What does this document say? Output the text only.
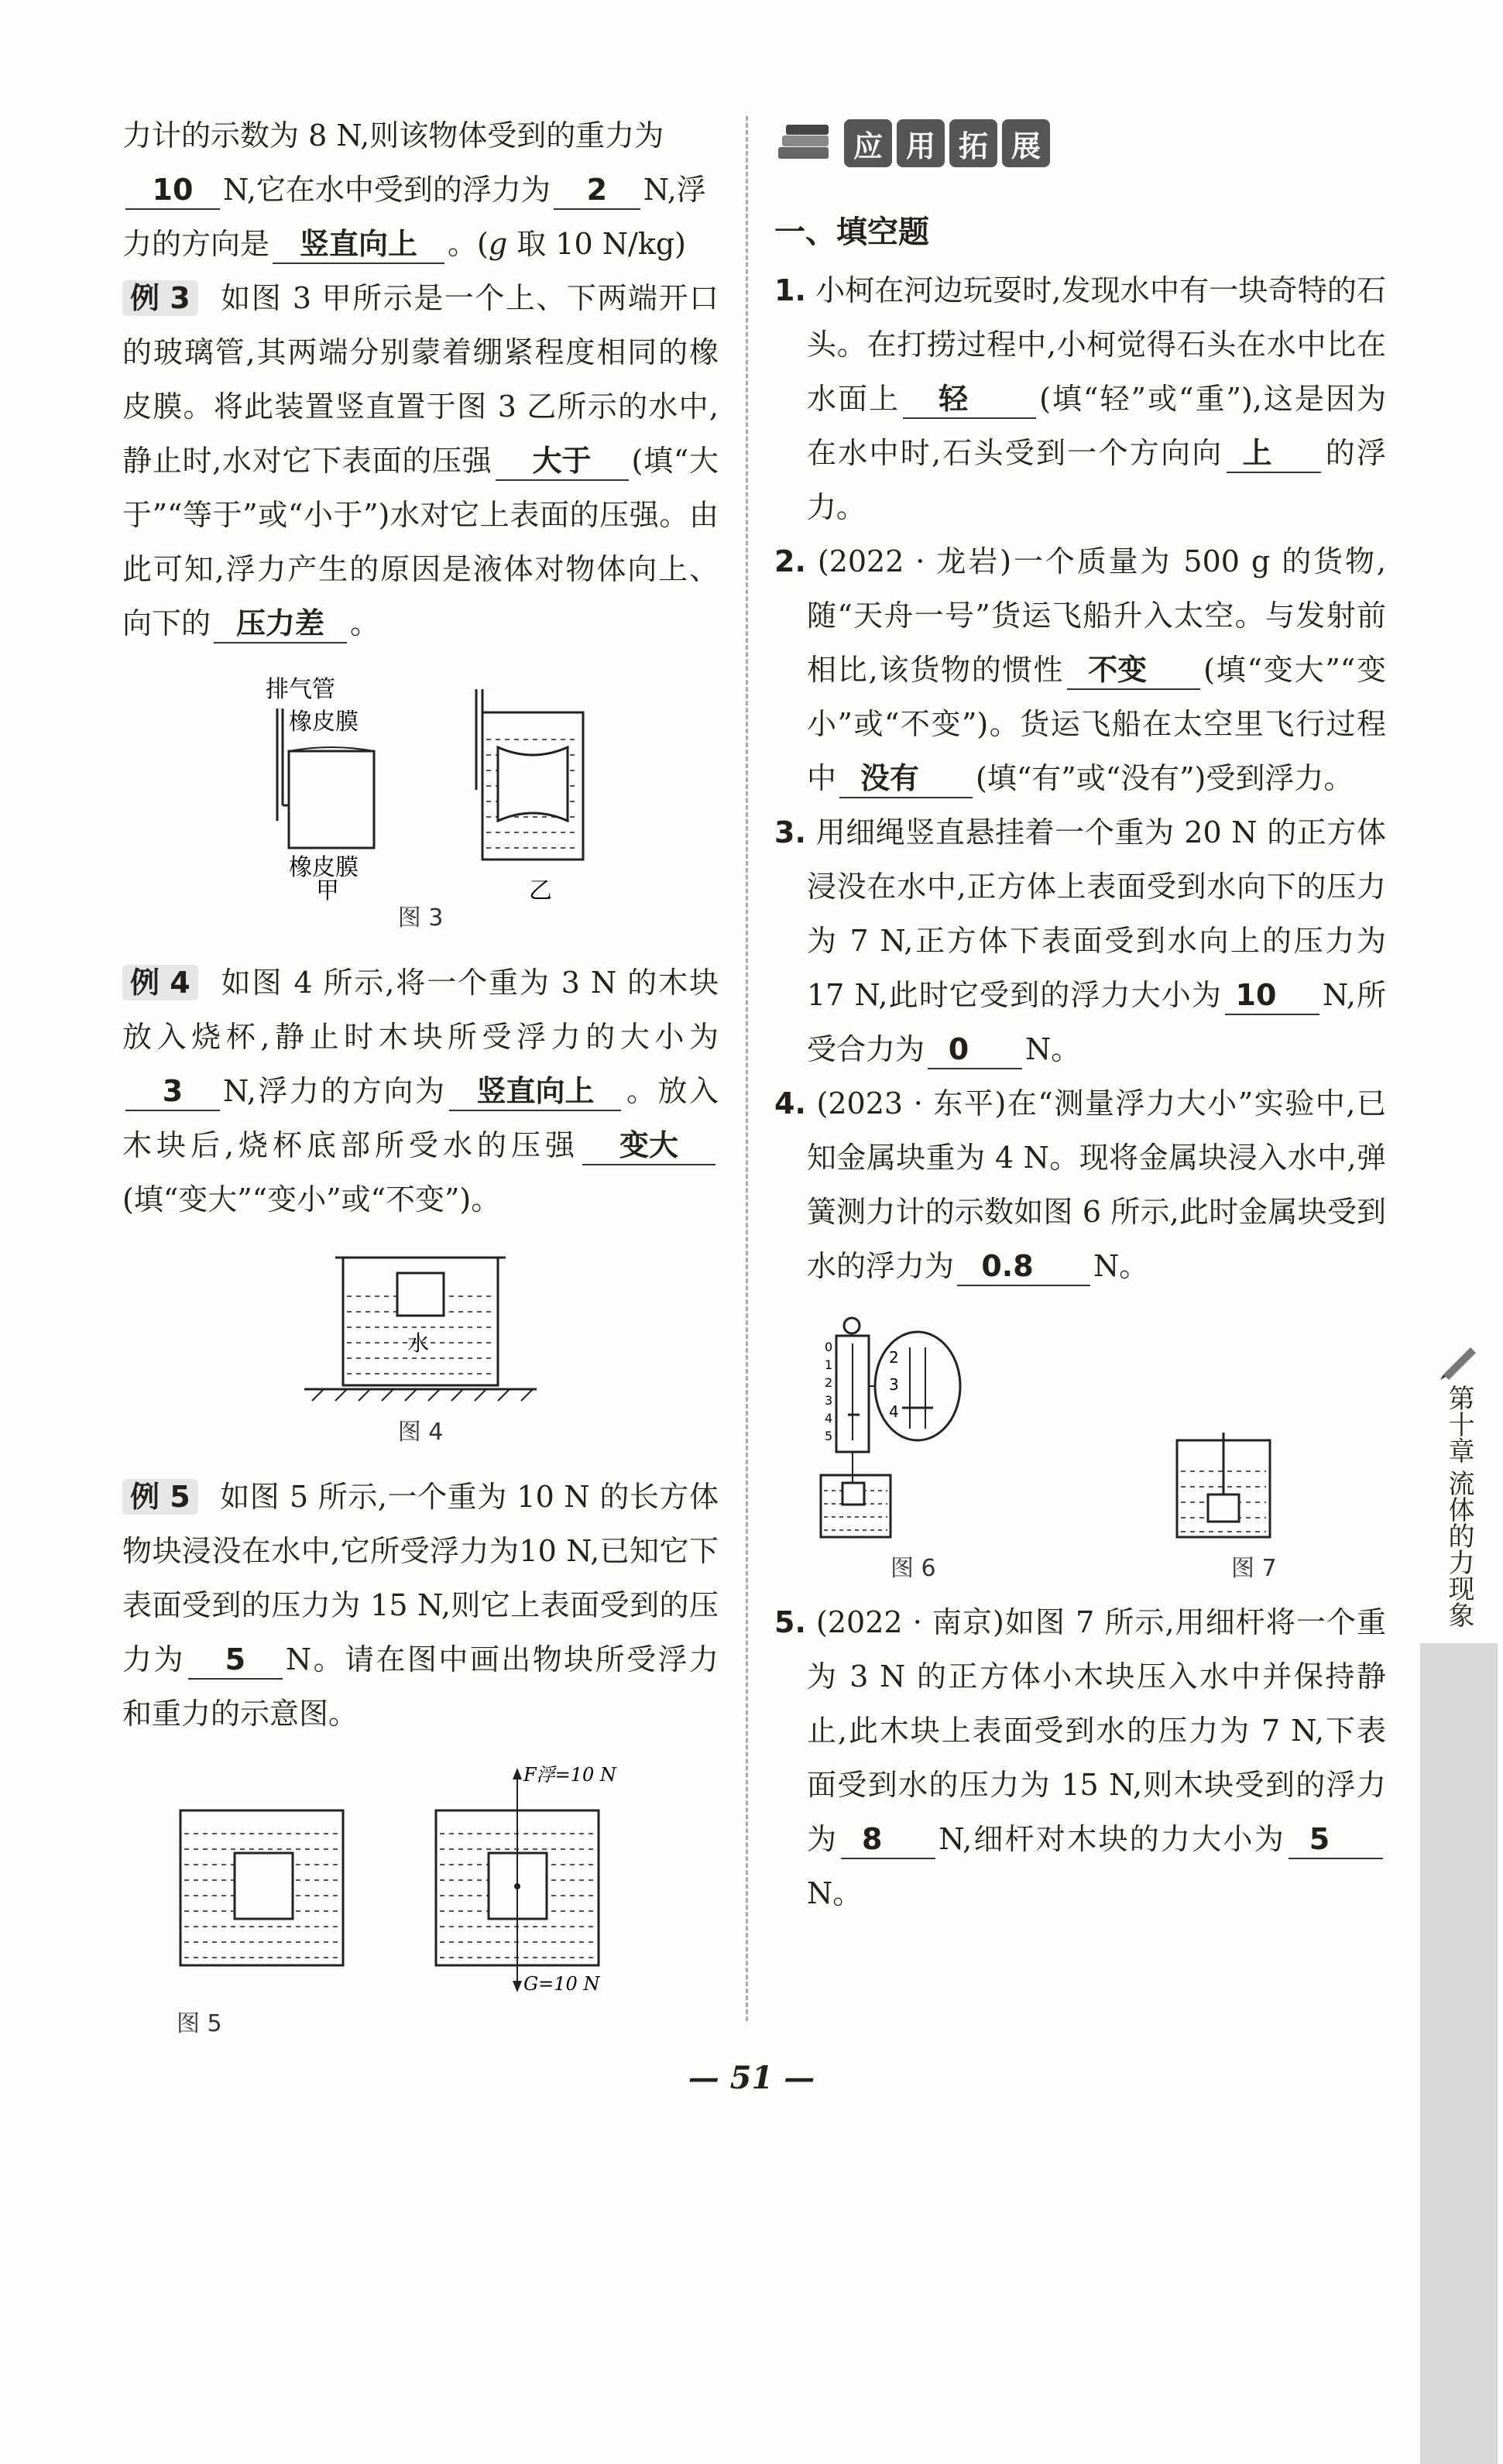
力计的示数为 8 N,则该物体受到的重力为
10 N,它在水中受到的浮力为 2 N,浮
力的方向是 竖直向上 。(g 取 10 N/kg)

例 3 如图 3 甲所示是一个上、下两端开口的玻璃管,其两端分别蒙着绷紧程度相同的橡皮膜。将此装置竖直置于图 3 乙所示的水中,静止时,水对它下表面的压强 大于 (填“大于”“等于”或“小于”)水对它上表面的压强。由此可知,浮力产生的原因是液体对物体向上、向下的 压力差 。

排气管
橡皮膜
橡皮膜
甲	乙
图 3

例 4 如图 4 所示,将一个重为 3 N 的木块放入烧杯,静止时木块所受浮力的大小为3 N,浮力的方向为 竖直向上 。放入木块后,烧杯底部所受水的压强 变大(填“变大”“变小”或“不变”)。

水
图 4

例 5 如图 5 所示,一个重为 10 N 的长方体物块浸没在水中,它所受浮力为10 N,已知它下表面受到的压力为 15 N,则它上表面受到的压力为 5 N。请在图中画出物块所受浮力和重力的示意图。

F浮=10 N
G=10 N
图 5
应 用 拓 展
一、填空题

1. 小柯在河边玩耍时,发现水中有一块奇特的石头。在打捞过程中,小柯觉得石头在水中比在水面上 轻 (填“轻”或“重”),这是因为在水中时,石头受到一个方向向 上 的浮力。

2. (2022 · 龙岩)一个质量为 500 g 的货物,随“天舟一号”货运飞船升入太空。与发射前相比,该货物的惯性 不变 (填“变大”“变小”或“不变”)。货运飞船在太空里飞行过程中 没有 (填“有”或“没有”)受到浮力。

3. 用细绳竖直悬挂着一个重为 20 N 的正方体浸没在水中,正方体上表面受到水向下的压力为 7 N,正方体下表面受到水向上的压力为 17 N,此时它受到的浮力大小为 10 N,所受合力为 0 N。

4. (2023 · 东平)在“测量浮力大小”实验中,已知金属块重为 4 N。现将金属块浸入水中,弹簧测力计的示数如图 6 所示,此时金属块受到水的浮力为 0.8 N。

0
1
2
3
4
5
2
3
4
图 6	图 7

5. (2022 · 南京)如图 7 所示,用细杆将一个重为 3 N 的正方体小木块压入水中并保持静止,此木块上表面受到水的压力为 7 N,下表面受到水的压力为 15 N,则木块受到的浮力为 8 N,细杆对木块的力大小为 5N。

第十章
流体的力现象
— 51 —
